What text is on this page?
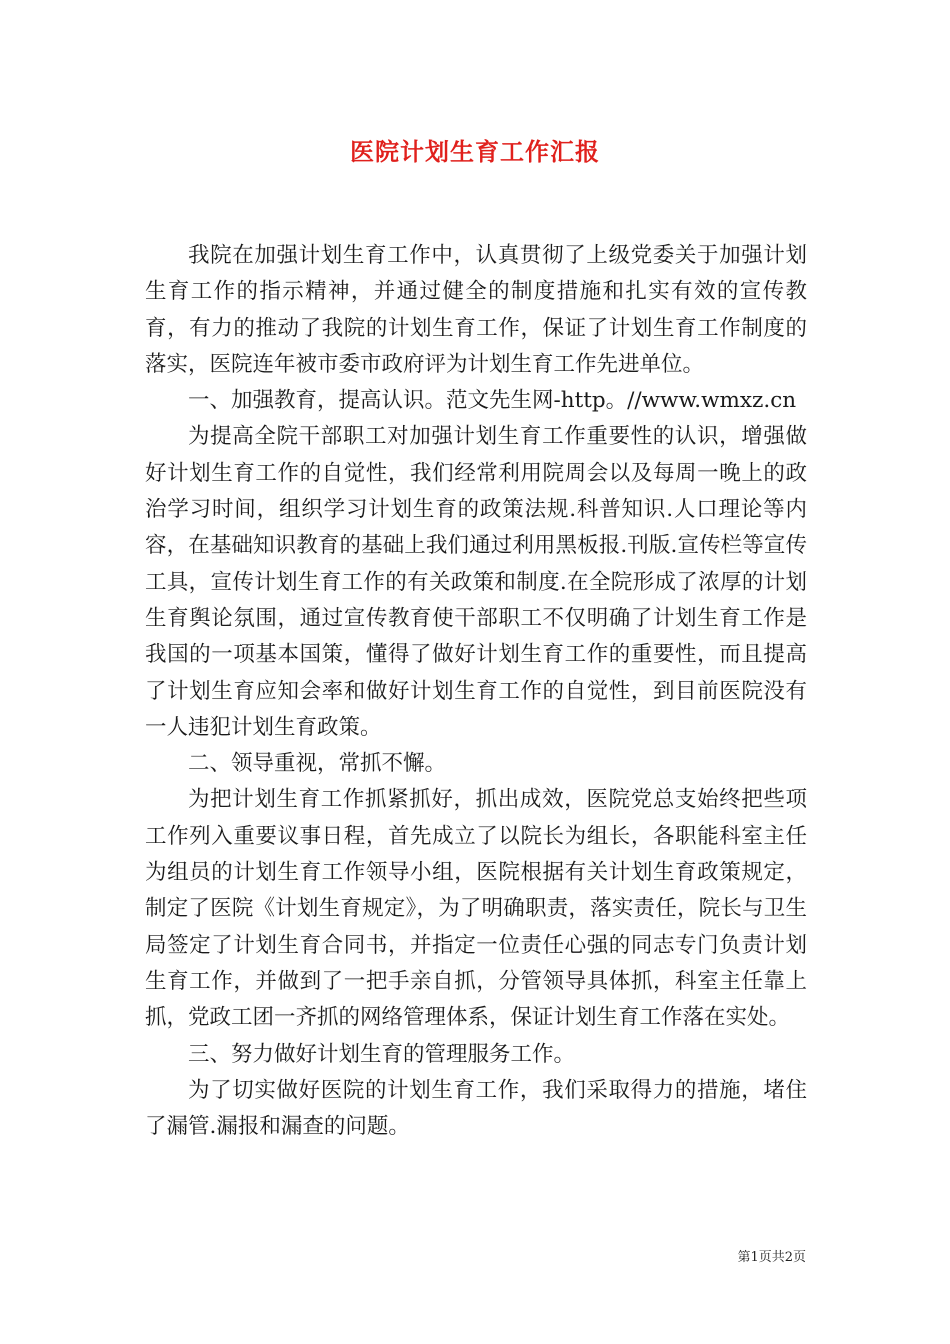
医院计划生育工作汇报

我院在加强计划生育工作中，认真贯彻了上级党委关于加强计划生育工作的指示精神，并通过健全的制度措施和扎实有效的宣传教育，有力的推动了我院的计划生育工作，保证了计划生育工作制度的落实，医院连年被市委市政府评为计划生育工作先进单位。

一、加强教育，提高认识。范文先生网-http。//www.wmxz.cn

为提高全院干部职工对加强计划生育工作重要性的认识，增强做好计划生育工作的自觉性，我们经常利用院周会以及每周一晚上的政治学习时间，组织学习计划生育的政策法规.科普知识.人口理论等内容，在基础知识教育的基础上我们通过利用黑板报.刊版.宣传栏等宣传工具，宣传计划生育工作的有关政策和制度.在全院形成了浓厚的计划生育舆论氛围，通过宣传教育使干部职工不仅明确了计划生育工作是我国的一项基本国策，懂得了做好计划生育工作的重要性，而且提高了计划生育应知会率和做好计划生育工作的自觉性，到目前医院没有一人违犯计划生育政策。

二、领导重视，常抓不懈。

为把计划生育工作抓紧抓好，抓出成效，医院党总支始终把些项工作列入重要议事日程，首先成立了以院长为组长，各职能科室主任为组员的计划生育工作领导小组，医院根据有关计划生育政策规定，制定了医院《计划生育规定》，为了明确职责，落实责任，院长与卫生局签定了计划生育合同书，并指定一位责任心强的同志专门负责计划生育工作，并做到了一把手亲自抓，分管领导具体抓，科室主任靠上抓，党政工团一齐抓的网络管理体系，保证计划生育工作落在实处。

三、努力做好计划生育的管理服务工作。

为了切实做好医院的计划生育工作，我们采取得力的措施，堵住了漏管.漏报和漏查的问题。

第1页共2页
